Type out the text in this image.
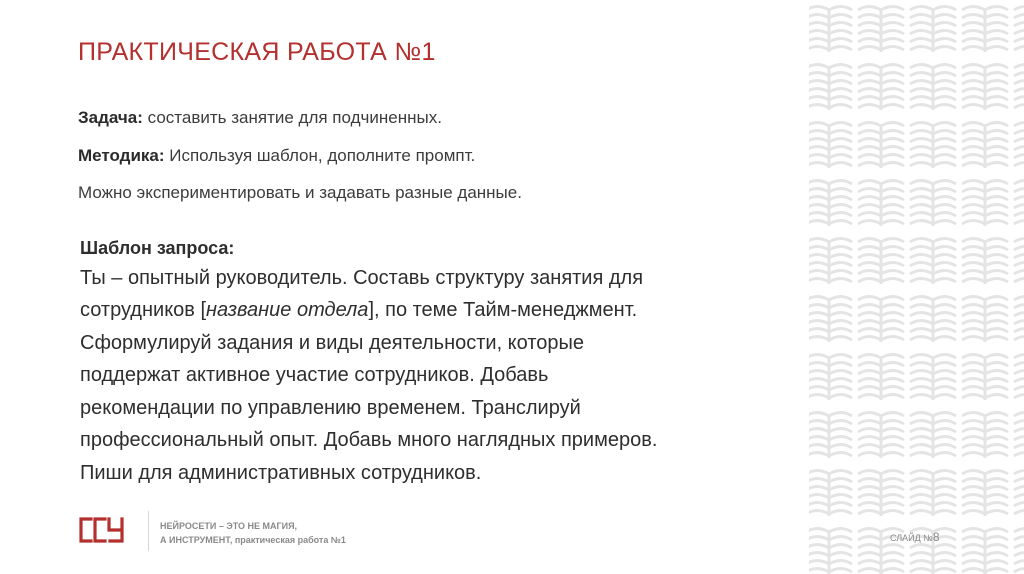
ПРАКТИЧЕСКАЯ РАБОТА №1
Задача: составить занятие для подчиненных.
Методика: Используя шаблон, дополните промпт.
Можно экспериментировать и задавать разные данные.
Шаблон запроса:
Ты – опытный руководитель. Составь структуру занятия для
сотрудников [название отдела], по теме Тайм-менеджмент.
Сформулируй задания и виды деятельности, которые
поддержат активное участие сотрудников. Добавь
рекомендации по управлению временем. Транслируй
профессиональный опыт. Добавь много наглядных примеров.
Пиши для административных сотрудников.
НЕЙРОСЕТИ – ЭТО НЕ МАГИЯ,
А ИНСТРУМЕНТ, практическая работа №1	СЛАЙД №8
